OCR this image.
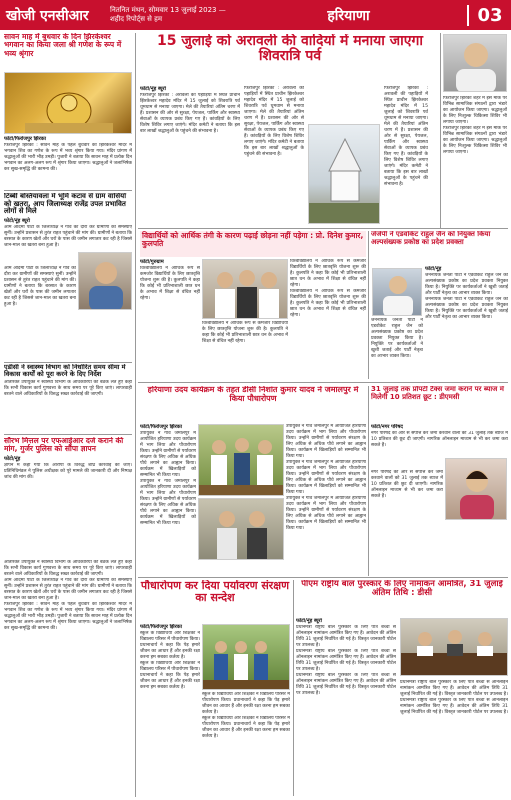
खोजी एनसीआर	नितनित मंथन, सोमवार 13 जुलाई 2023 — शहीद रिपोर्ट्स से हम	हरियाणा	03
सावन माह में बुधवार के दिन झिरकेश्वर भगवान का किया जला श्री गणेश के रूप में भव्य श्रृंगार
फोटो/फिरोजपुर झिरका
फिरोजपुर झिरका : सावन माह के पहले बुधवार को झिरकेश्वर मंदिर में भगवान शिव का गणेश के रूप में भव्य श्रृंगार किया गया। मंदिर प्रांगण में श्रद्धालुओं की भारी भीड़ उमड़ी। पुजारी ने बताया कि सावन माह में प्रत्येक दिन भगवान का अलग-अलग रूप में श्रृंगार किया जाएगा। श्रद्धालुओं ने जलाभिषेक कर सुख-समृद्धि की कामना की।
टिब्बी बस्तियावला में भूमि कटाव से ग्राम वासियों को खतरा, आप जिलाध्यक्ष राजेंद्र उपल प्रभावित लोगों से मिले
फोटो/नूंह ब्यूरो
आम आदमी पार्टी के जिलाध्यक्ष ने गांव का दौरा कर ग्रामीणों की समस्याएं सुनीं। उन्होंने प्रशासन से तुरंत राहत पहुंचाने की मांग की। ग्रामीणों ने बताया कि बरसात के कारण खेतों और घरों के पास की जमीन लगातार कट रही है जिससे जान-माल का खतरा बना हुआ है।
आम आदमी पार्टी के जिलाध्यक्ष ने गांव का दौरा कर ग्रामीणों की समस्याएं सुनीं। उन्होंने प्रशासन से तुरंत राहत पहुंचाने की मांग की। ग्रामीणों ने बताया कि बरसात के कारण खेतों और घरों के पास की जमीन लगातार कट रही है जिससे जान-माल का खतरा बना हुआ है।
एडीसी ने स्वास्थ्य विभाग को निर्धारित समय सीमा में विकास कार्यों को पूरा करने के दिए निर्देश
अतिरिक्त उपायुक्त ने स्वास्थ्य विभाग के अधिकारियों की बैठक लेते हुए कहा कि सभी विकास कार्य गुणवत्ता के साथ समय पर पूरे किए जाएं। लापरवाही बरतने वाले अधिकारियों के विरुद्ध सख्त कार्रवाई की जाएगी।
सौरभ मित्तल पर एफआईआर दर्ज कराने की मांग, गुर्जर पुलिस को सौंपा ज्ञापन
फोटो/नूंह
ज्ञापन में कहा गया कि आरोपी के विरुद्ध शीघ्र कार्रवाई की जाए। प्रतिनिधिमंडल ने पुलिस अधीक्षक को पूरे मामले की जानकारी दी और निष्पक्ष जांच की मांग की।
अतिरिक्त उपायुक्त ने स्वास्थ्य विभाग के अधिकारियों की बैठक लेते हुए कहा कि सभी विकास कार्य गुणवत्ता के साथ समय पर पूरे किए जाएं। लापरवाही बरतने वाले अधिकारियों के विरुद्ध सख्त कार्रवाई की जाएगी।
आम आदमी पार्टी के जिलाध्यक्ष ने गांव का दौरा कर ग्रामीणों की समस्याएं सुनीं। उन्होंने प्रशासन से तुरंत राहत पहुंचाने की मांग की। ग्रामीणों ने बताया कि बरसात के कारण खेतों और घरों के पास की जमीन लगातार कट रही है जिससे जान-माल का खतरा बना हुआ है।
फिरोजपुर झिरका : सावन माह के पहले बुधवार को झिरकेश्वर मंदिर में भगवान शिव का गणेश के रूप में भव्य श्रृंगार किया गया। मंदिर प्रांगण में श्रद्धालुओं की भारी भीड़ उमड़ी। पुजारी ने बताया कि सावन माह में प्रत्येक दिन भगवान का अलग-अलग रूप में श्रृंगार किया जाएगा। श्रद्धालुओं ने जलाभिषेक कर सुख-समृद्धि की कामना की।
15 जुलाई को अरावली की वादियों में मनाया जाएगा शिवरात्रि पर्व
फोटो/नूंह ब्यूरो
फिरोजपुर झिरका : अरावली की पहाड़ियों में स्थित प्राचीन झिरकेश्वर महादेव मंदिर में 15 जुलाई को शिवरात्रि पर्व धूमधाम से मनाया जाएगा। मेले की तैयारियां अंतिम चरण में हैं। प्रशासन की ओर से सुरक्षा, पेयजल, पार्किंग और स्वास्थ्य सेवाओं के व्यापक प्रबंध किए गए हैं। कांवड़ियों के लिए विशेष शिविर लगाए जाएंगे। मंदिर कमेटी ने बताया कि इस बार लाखों श्रद्धालुओं के पहुंचने की संभावना है।
फिरोजपुर झिरका : अरावली की पहाड़ियों में स्थित प्राचीन झिरकेश्वर महादेव मंदिर में 15 जुलाई को शिवरात्रि पर्व धूमधाम से मनाया जाएगा। मेले की तैयारियां अंतिम चरण में हैं। प्रशासन की ओर से सुरक्षा, पेयजल, पार्किंग और स्वास्थ्य सेवाओं के व्यापक प्रबंध किए गए हैं। कांवड़ियों के लिए विशेष शिविर लगाए जाएंगे। मंदिर कमेटी ने बताया कि इस बार लाखों श्रद्धालुओं के पहुंचने की संभावना है।
फिरोजपुर झिरका : अरावली की पहाड़ियों में स्थित प्राचीन झिरकेश्वर महादेव मंदिर में 15 जुलाई को शिवरात्रि पर्व धूमधाम से मनाया जाएगा। मेले की तैयारियां अंतिम चरण में हैं। प्रशासन की ओर से सुरक्षा, पेयजल, पार्किंग और स्वास्थ्य सेवाओं के व्यापक प्रबंध किए गए हैं। कांवड़ियों के लिए विशेष शिविर लगाए जाएंगे। मंदिर कमेटी ने बताया कि इस बार लाखों श्रद्धालुओं के पहुंचने की संभावना है।
फिरोजपुर झिरका शहर में इस मौके पर विभिन्न सामाजिक संगठनों द्वारा भंडारे का आयोजन किया जाएगा। श्रद्धालुओं के लिए निःशुल्क चिकित्सा शिविर भी लगाया जाएगा।
फिरोजपुर झिरका शहर में इस मौके पर विभिन्न सामाजिक संगठनों द्वारा भंडारे का आयोजन किया जाएगा। श्रद्धालुओं के लिए निःशुल्क चिकित्सा शिविर भी लगाया जाएगा।
विद्यार्थियों को आर्थिक तंगी के कारण पढ़ाई छोड़ना नहीं पड़ेगा : प्रो. दिनेश कुमार, कुलपति
फोटो/गुरुग्राम
विश्वविद्यालय ने आर्थिक रूप से कमजोर विद्यार्थियों के लिए छात्रवृत्ति योजना शुरू की है। कुलपति ने कहा कि कोई भी प्रतिभाशाली छात्र धन के अभाव में शिक्षा से वंचित नहीं रहेगा।
विश्वविद्यालय ने आर्थिक रूप से कमजोर विद्यार्थियों के लिए छात्रवृत्ति योजना शुरू की है। कुलपति ने कहा कि कोई भी प्रतिभाशाली छात्र धन के अभाव में शिक्षा से वंचित नहीं रहेगा।
विश्वविद्यालय ने आर्थिक रूप से कमजोर विद्यार्थियों के लिए छात्रवृत्ति योजना शुरू की है। कुलपति ने कहा कि कोई भी प्रतिभाशाली छात्र धन के अभाव में शिक्षा से वंचित नहीं रहेगा।
विश्वविद्यालय ने आर्थिक रूप से कमजोर विद्यार्थियों के लिए छात्रवृत्ति योजना शुरू की है। कुलपति ने कहा कि कोई भी प्रतिभाशाली छात्र धन के अभाव में शिक्षा से वंचित नहीं रहेगा।
जेजेपी ने एडवोकेट राहुल जैन को नियुक्त किया अल्पसंख्यक प्रकोष्ठ का प्रदेश प्रवक्ता
फोटो/नूंह
जननायक जनता पार्टी ने एडवोकेट राहुल जैन को अल्पसंख्यक प्रकोष्ठ का प्रदेश प्रवक्ता नियुक्त किया है। नियुक्ति पर कार्यकर्ताओं ने खुशी जताई और पार्टी नेतृत्व का आभार व्यक्त किया।
जननायक जनता पार्टी ने एडवोकेट राहुल जैन को अल्पसंख्यक प्रकोष्ठ का प्रदेश प्रवक्ता नियुक्त किया है। नियुक्ति पर कार्यकर्ताओं ने खुशी जताई और पार्टी नेतृत्व का आभार व्यक्त किया।
जननायक जनता पार्टी ने एडवोकेट राहुल जैन को अल्पसंख्यक प्रकोष्ठ का प्रदेश प्रवक्ता नियुक्त किया है। नियुक्ति पर कार्यकर्ताओं ने खुशी जताई और पार्टी नेतृत्व का आभार व्यक्त किया।
हरियाणा उदय कार्यक्रम के तहत डीसी निशांत कुमार यादव ने जमालपुर में किया पौधारोपण
फोटो/फिरोजपुर झिरका
उपायुक्त ने गांव जमालपुर में आयोजित हरियाणा उदय कार्यक्रम में भाग लिया और पौधारोपण किया। उन्होंने ग्रामीणों से पर्यावरण संरक्षण के लिए अधिक से अधिक पौधे लगाने का आह्वान किया। कार्यक्रम में खिलाड़ियों को सम्मानित भी किया गया।
उपायुक्त ने गांव जमालपुर में आयोजित हरियाणा उदय कार्यक्रम में भाग लिया और पौधारोपण किया। उन्होंने ग्रामीणों से पर्यावरण संरक्षण के लिए अधिक से अधिक पौधे लगाने का आह्वान किया। कार्यक्रम में खिलाड़ियों को सम्मानित भी किया गया।
उपायुक्त ने गांव जमालपुर में आयोजित हरियाणा उदय कार्यक्रम में भाग लिया और पौधारोपण किया। उन्होंने ग्रामीणों से पर्यावरण संरक्षण के लिए अधिक से अधिक पौधे लगाने का आह्वान किया। कार्यक्रम में खिलाड़ियों को सम्मानित भी किया गया।
उपायुक्त ने गांव जमालपुर में आयोजित हरियाणा उदय कार्यक्रम में भाग लिया और पौधारोपण किया। उन्होंने ग्रामीणों से पर्यावरण संरक्षण के लिए अधिक से अधिक पौधे लगाने का आह्वान किया। कार्यक्रम में खिलाड़ियों को सम्मानित भी किया गया।
उपायुक्त ने गांव जमालपुर में आयोजित हरियाणा उदय कार्यक्रम में भाग लिया और पौधारोपण किया। उन्होंने ग्रामीणों से पर्यावरण संरक्षण के लिए अधिक से अधिक पौधे लगाने का आह्वान किया। कार्यक्रम में खिलाड़ियों को सम्मानित भी किया गया।
31 जुलाई तक प्रॉपर्टी टैक्स जमा कराने पर ब्याज में मिलेगी 10 प्रतिशत छूट : डीएमसी
फोटो/नगर परिषद
नगर परिषद की ओर से संपत्ति कर जमा करवाने वालों को 31 जुलाई तक ब्याज में 10 प्रतिशत की छूट दी जाएगी। नागरिक ऑनलाइन माध्यम से भी कर जमा करा सकते हैं।
नगर परिषद की ओर से संपत्ति कर जमा करवाने वालों को 31 जुलाई तक ब्याज में 10 प्रतिशत की छूट दी जाएगी। नागरिक ऑनलाइन माध्यम से भी कर जमा करा सकते हैं।
पौधारोपण कर दिया पर्यावरण संरक्षण का सन्देश
फोटो/फिरोजपुर झिरका
स्कूल के विद्यार्थियों और शिक्षकों ने विद्यालय परिसर में पौधारोपण किया। प्रधानाचार्य ने कहा कि पेड़ हमारे जीवन का आधार हैं और इनकी रक्षा करना हम सबका कर्तव्य है।
स्कूल के विद्यार्थियों और शिक्षकों ने विद्यालय परिसर में पौधारोपण किया। प्रधानाचार्य ने कहा कि पेड़ हमारे जीवन का आधार हैं और इनकी रक्षा करना हम सबका कर्तव्य है।
स्कूल के विद्यार्थियों और शिक्षकों ने विद्यालय परिसर में पौधारोपण किया। प्रधानाचार्य ने कहा कि पेड़ हमारे जीवन का आधार हैं और इनकी रक्षा करना हम सबका कर्तव्य है।
स्कूल के विद्यार्थियों और शिक्षकों ने विद्यालय परिसर में पौधारोपण किया। प्रधानाचार्य ने कहा कि पेड़ हमारे जीवन का आधार हैं और इनकी रक्षा करना हम सबका कर्तव्य है।
पीएम राष्ट्रीय बाल पुरस्कार के लिए नामांकन आमंत्रित, 31 जुलाई अंतिम तिथि : डीसी
फोटो/नूंह ब्यूरो
प्रधानमंत्री राष्ट्रीय बाल पुरस्कार के लिए पात्र बच्चों से ऑनलाइन नामांकन आमंत्रित किए गए हैं। आवेदन की अंतिम तिथि 31 जुलाई निर्धारित की गई है। विस्तृत जानकारी पोर्टल पर उपलब्ध है।
प्रधानमंत्री राष्ट्रीय बाल पुरस्कार के लिए पात्र बच्चों से ऑनलाइन नामांकन आमंत्रित किए गए हैं। आवेदन की अंतिम तिथि 31 जुलाई निर्धारित की गई है। विस्तृत जानकारी पोर्टल पर उपलब्ध है।
प्रधानमंत्री राष्ट्रीय बाल पुरस्कार के लिए पात्र बच्चों से ऑनलाइन नामांकन आमंत्रित किए गए हैं। आवेदन की अंतिम तिथि 31 जुलाई निर्धारित की गई है। विस्तृत जानकारी पोर्टल पर उपलब्ध है।
प्रधानमंत्री राष्ट्रीय बाल पुरस्कार के लिए पात्र बच्चों से ऑनलाइन नामांकन आमंत्रित किए गए हैं। आवेदन की अंतिम तिथि 31 जुलाई निर्धारित की गई है। विस्तृत जानकारी पोर्टल पर उपलब्ध है।
प्रधानमंत्री राष्ट्रीय बाल पुरस्कार के लिए पात्र बच्चों से ऑनलाइन नामांकन आमंत्रित किए गए हैं। आवेदन की अंतिम तिथि 31 जुलाई निर्धारित की गई है। विस्तृत जानकारी पोर्टल पर उपलब्ध है।
